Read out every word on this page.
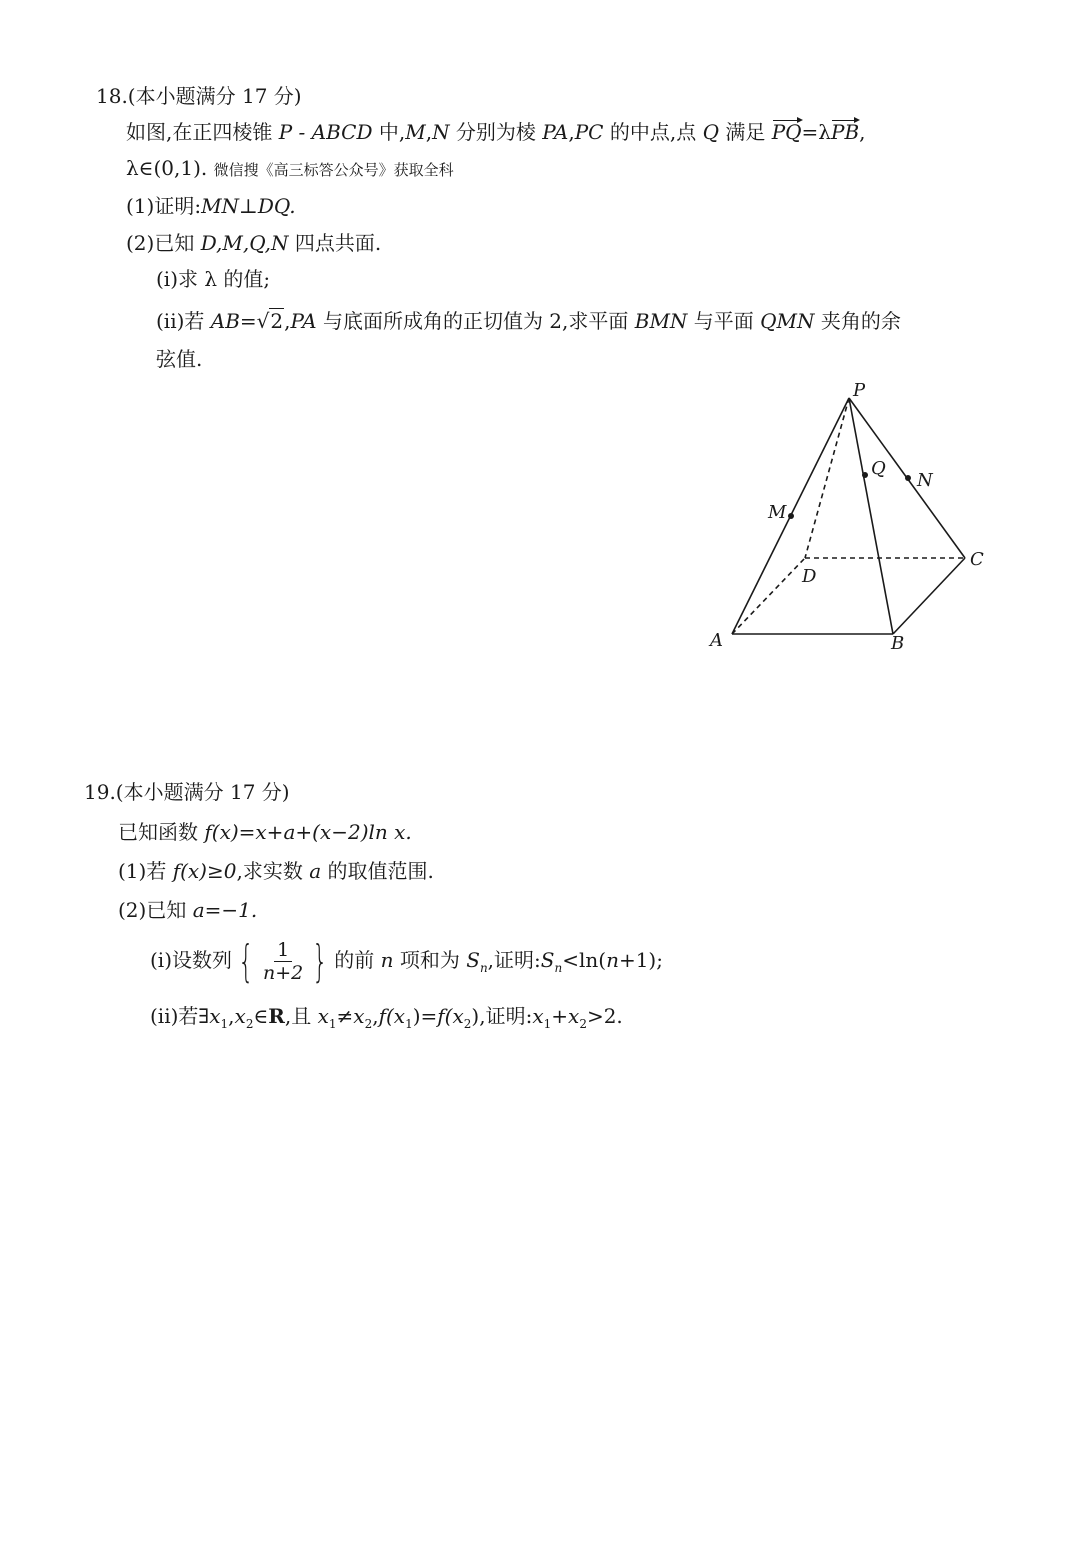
18.(本小题满分 17 分)
如图,在正四棱锥 P - ABCD 中,M,N 分别为棱 PA,PC 的中点,点 Q 满足 PQ=λPB,
λ∈(0,1). 微信搜《高三标答公众号》获取全科
(1)证明:MN⊥DQ.
(2)已知 D,M,Q,N 四点共面.
(i)求 λ 的值;
(ii)若 AB=√2,PA 与底面所成角的正切值为 2,求平面 BMN 与平面 QMN 夹角的余
弦值.
P
Q
N
M
D
C
A	B
19.(本小题满分 17 分)
已知函数 f(x)=x+a+(x−2)ln x.
(1)若 f(x)≥0,求实数 a 的取值范围.
(2)已知 a=−1.
(i)设数列 { $\frac{1}{n+2}$ } 的前 n 项和为 $S_n$,证明$:S_n<\ln(n+1)$;
(ii)若$\exists x_1,x_2\in R$,且 $x_1\ne x_2,f(x_1)=f(x_2)$,证明$:x_1+x_2>2$.
